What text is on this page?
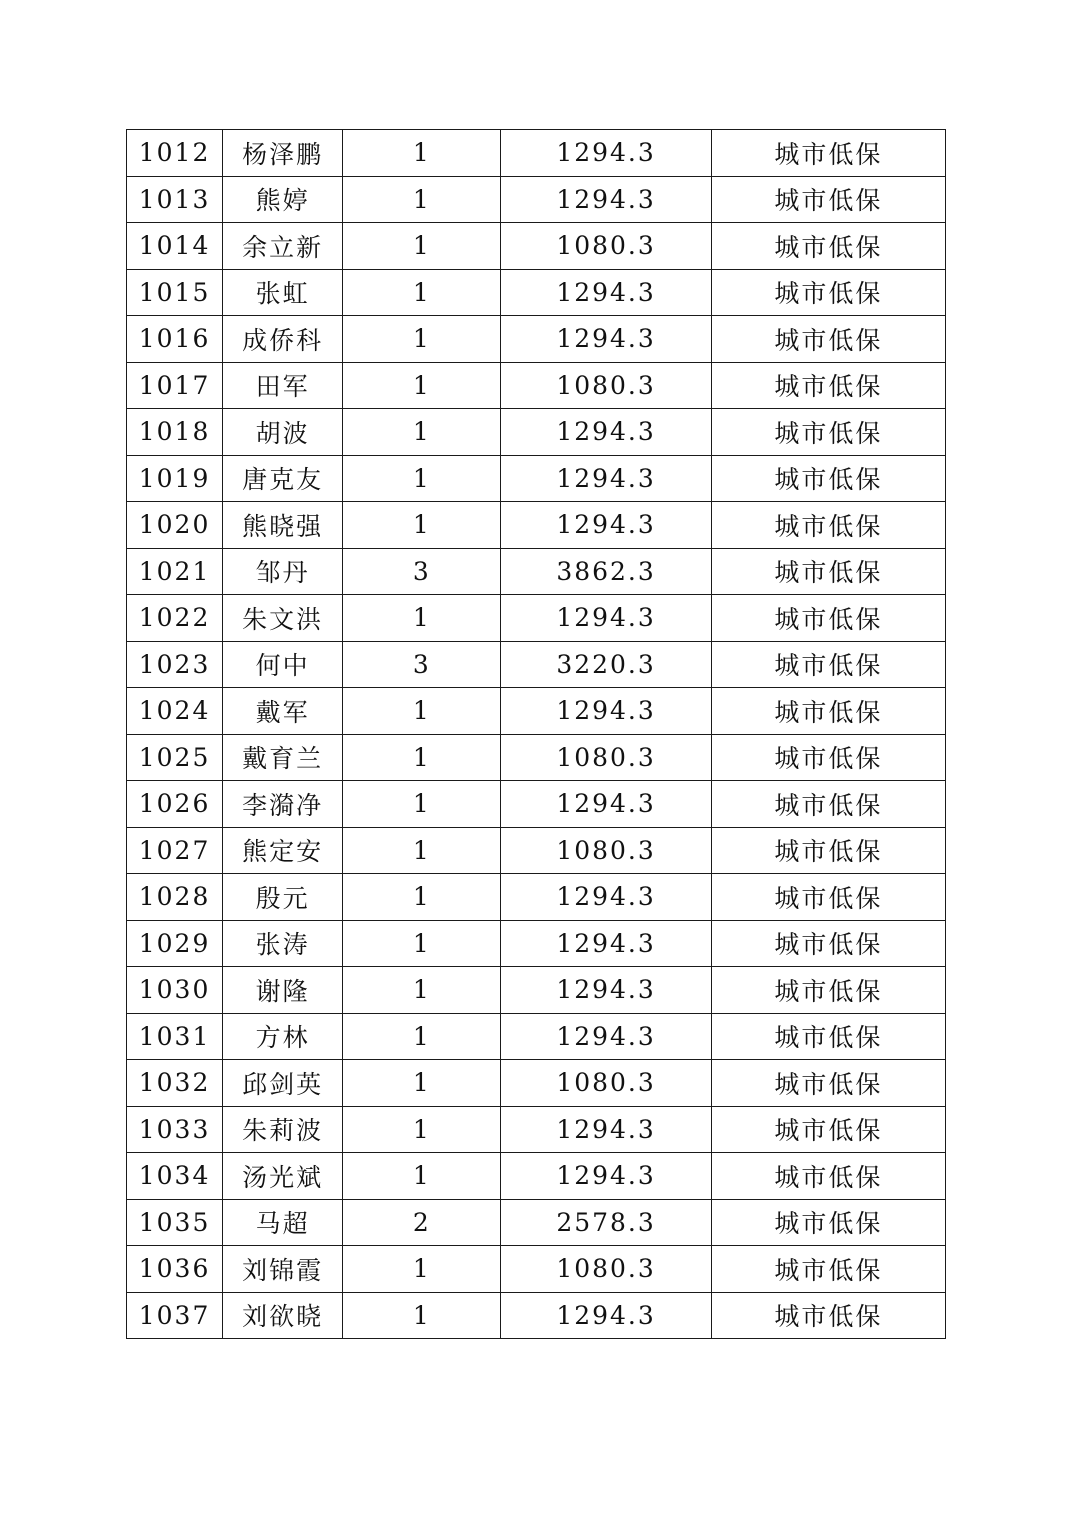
1012	杨泽鹏	1	1294.3	城市低保
1013	熊婷	1	1294.3	城市低保
1014	余立新	1	1080.3	城市低保
1015	张虹	1	1294.3	城市低保
1016	成侨科	1	1294.3	城市低保
1017	田军	1	1080.3	城市低保
1018	胡波	1	1294.3	城市低保
1019	唐克友	1	1294.3	城市低保
1020	熊晓强	1	1294.3	城市低保
1021	邹丹	3	3862.3	城市低保
1022	朱文洪	1	1294.3	城市低保
1023	何中	3	3220.3	城市低保
1024	戴军	1	1294.3	城市低保
1025	戴育兰	1	1080.3	城市低保
1026	李漪净	1	1294.3	城市低保
1027	熊定安	1	1080.3	城市低保
1028	殷元	1	1294.3	城市低保
1029	张涛	1	1294.3	城市低保
1030	谢隆	1	1294.3	城市低保
1031	方林	1	1294.3	城市低保
1032	邱剑英	1	1080.3	城市低保
1033	朱莉波	1	1294.3	城市低保
1034	汤光斌	1	1294.3	城市低保
1035	马超	2	2578.3	城市低保
1036	刘锦霞	1	1080.3	城市低保
1037	刘欲晓	1	1294.3	城市低保
